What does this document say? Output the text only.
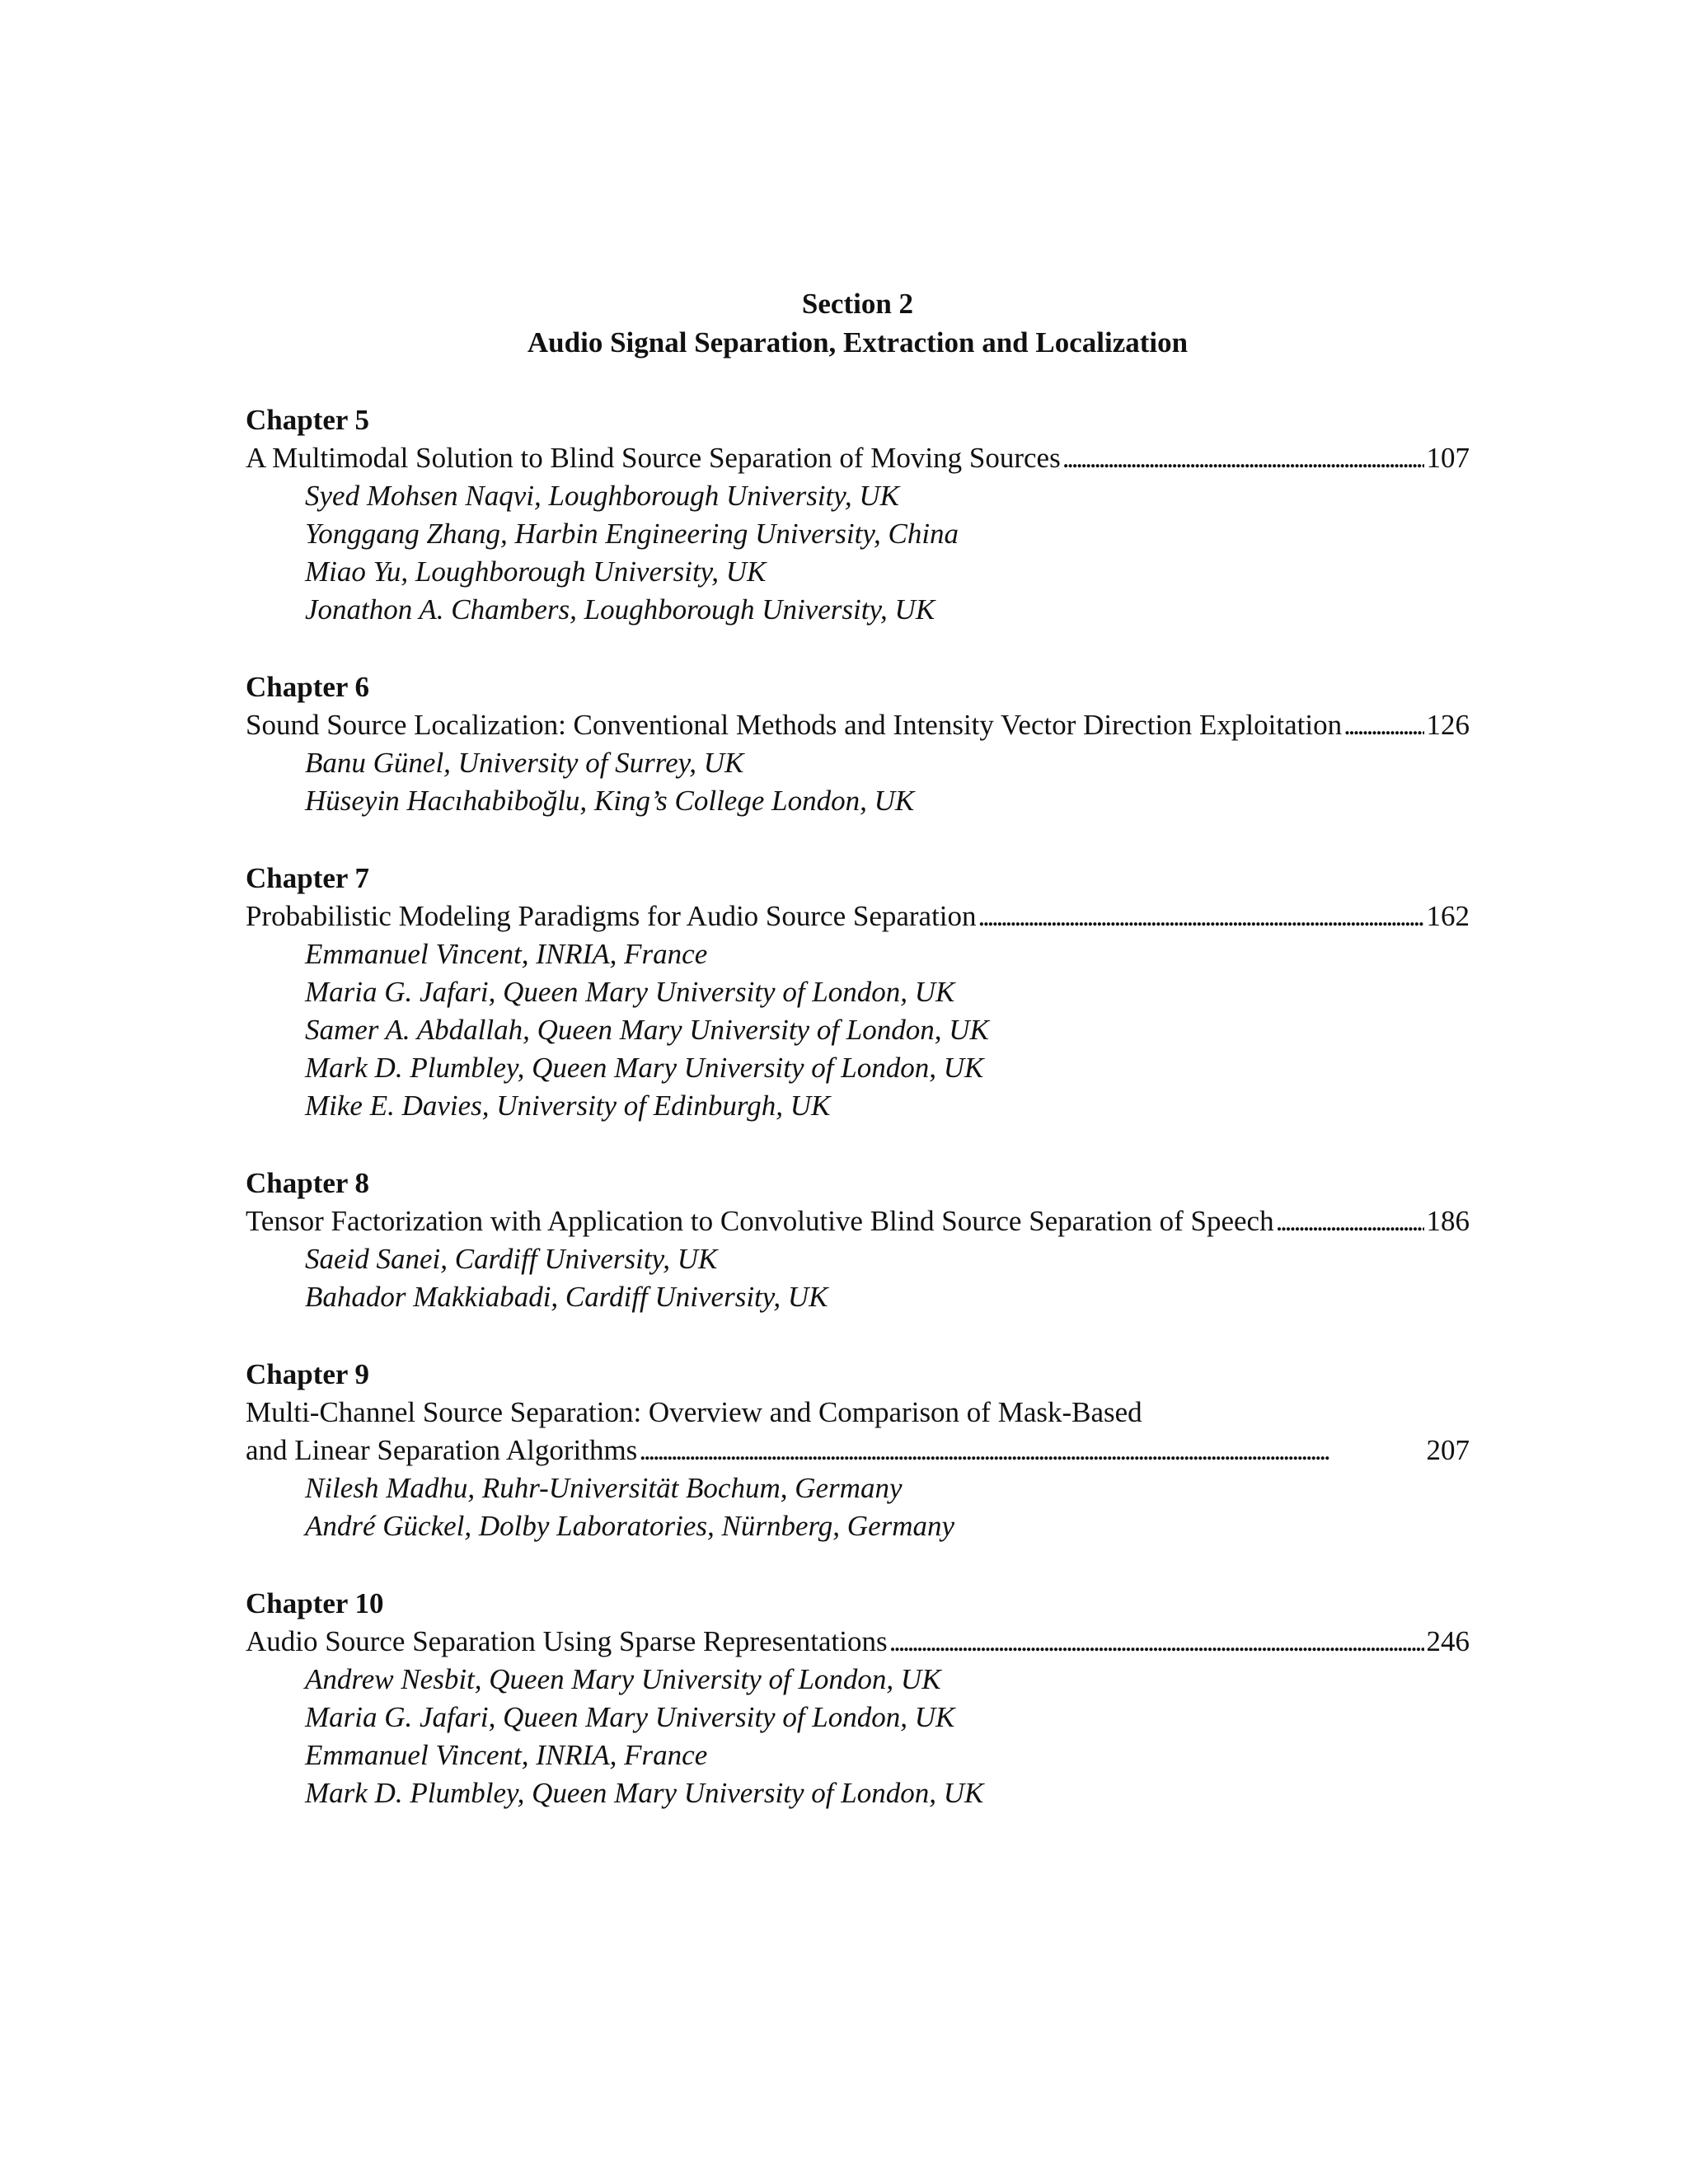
Section 2
Audio Signal Separation, Extraction and Localization
Chapter 5
A Multimodal Solution to Blind Source Separation of Moving Sources . . .	107
Syed Mohsen Naqvi, Loughborough University, UK
Yonggang Zhang, Harbin Engineering University, China
Miao Yu, Loughborough University, UK
Jonathon A. Chambers, Loughborough University, UK
Chapter 6
Sound Source Localization: Conventional Methods and Intensity Vector Direction Exploitation . . .	126
Banu Günel, University of Surrey, UK
Hüseyin Hacıhabiboğlu, King’s College London, UK
Chapter 7
Probabilistic Modeling Paradigms for Audio Source Separation . . .	162
Emmanuel Vincent, INRIA, France
Maria G. Jafari, Queen Mary University of London, UK
Samer A. Abdallah, Queen Mary University of London, UK
Mark D. Plumbley, Queen Mary University of London, UK
Mike E. Davies, University of Edinburgh, UK
Chapter 8
Tensor Factorization with Application to Convolutive Blind Source Separation of Speech . . .	186
Saeid Sanei, Cardiff University, UK
Bahador Makkiabadi, Cardiff University, UK
Chapter 9
Multi-Channel Source Separation: Overview and Comparison of Mask-Based
and Linear Separation Algorithms . . .	207
Nilesh Madhu, Ruhr-Universität Bochum, Germany
André Gückel, Dolby Laboratories, Nürnberg, Germany
Chapter 10
Audio Source Separation Using Sparse Representations . . .	246
Andrew Nesbit, Queen Mary University of London, UK
Maria G. Jafari, Queen Mary University of London, UK
Emmanuel Vincent, INRIA, France
Mark D. Plumbley, Queen Mary University of London, UK
